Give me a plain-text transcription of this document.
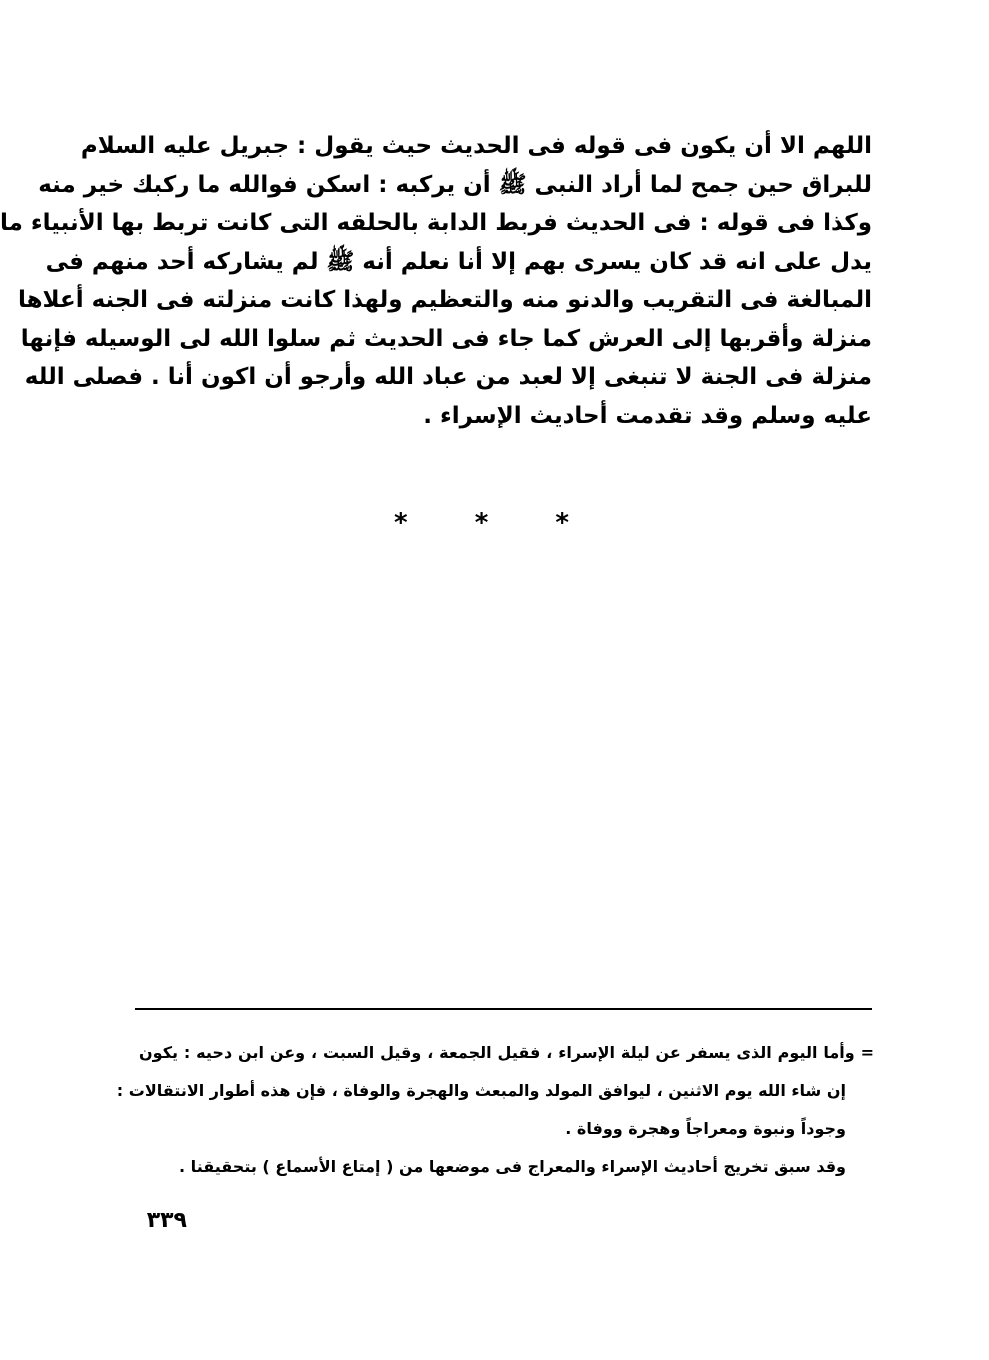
اللهم الا أن يكون فى قوله فى الحديث حيث يقول : جبريل عليه السلام
للبراق حين جمح لما أراد النبى ﷺ أن يركبه : اسكن فوالله ما ركبك خير منه
وكذا فى قوله : فى الحديث فربط الدابة بالحلقه التى كانت تربط بها الأنبياء ما
يدل على انه قد كان يسرى بهم إلا أنا نعلم أنه ﷺ لم يشاركه أحد منهم فى
المبالغة فى التقريب والدنو منه والتعظيم ولهذا كانت منزلته فى الجنه أعلاها
منزلة وأقربها إلى العرش كما جاء فى الحديث ثم سلوا الله لى الوسيله فإنها
منزلة فى الجنة لا تنبغى إلا لعبد من عباد الله وأرجو أن اكون أنا . فصلى الله
عليه وسلم وقد تقدمت أحاديث الإسراء .
*	*	*
= وأما اليوم الذى يسفر عن ليلة الإسراء ، فقيل الجمعة ، وقيل السبت ، وعن ابن دحيه : يكون
إن شاء الله يوم الاثنين ، ليوافق المولد والمبعث والهجرة والوفاة ، فإن هذه أطوار الانتقالات :
وجوداً ونبوة ومعراجاً وهجرة ووفاة .
وقد سبق تخريج أحاديث الإسراء والمعراج فى موضعها من ( إمتاع الأسماع ) بتحقيقنا .
٣٣٩
